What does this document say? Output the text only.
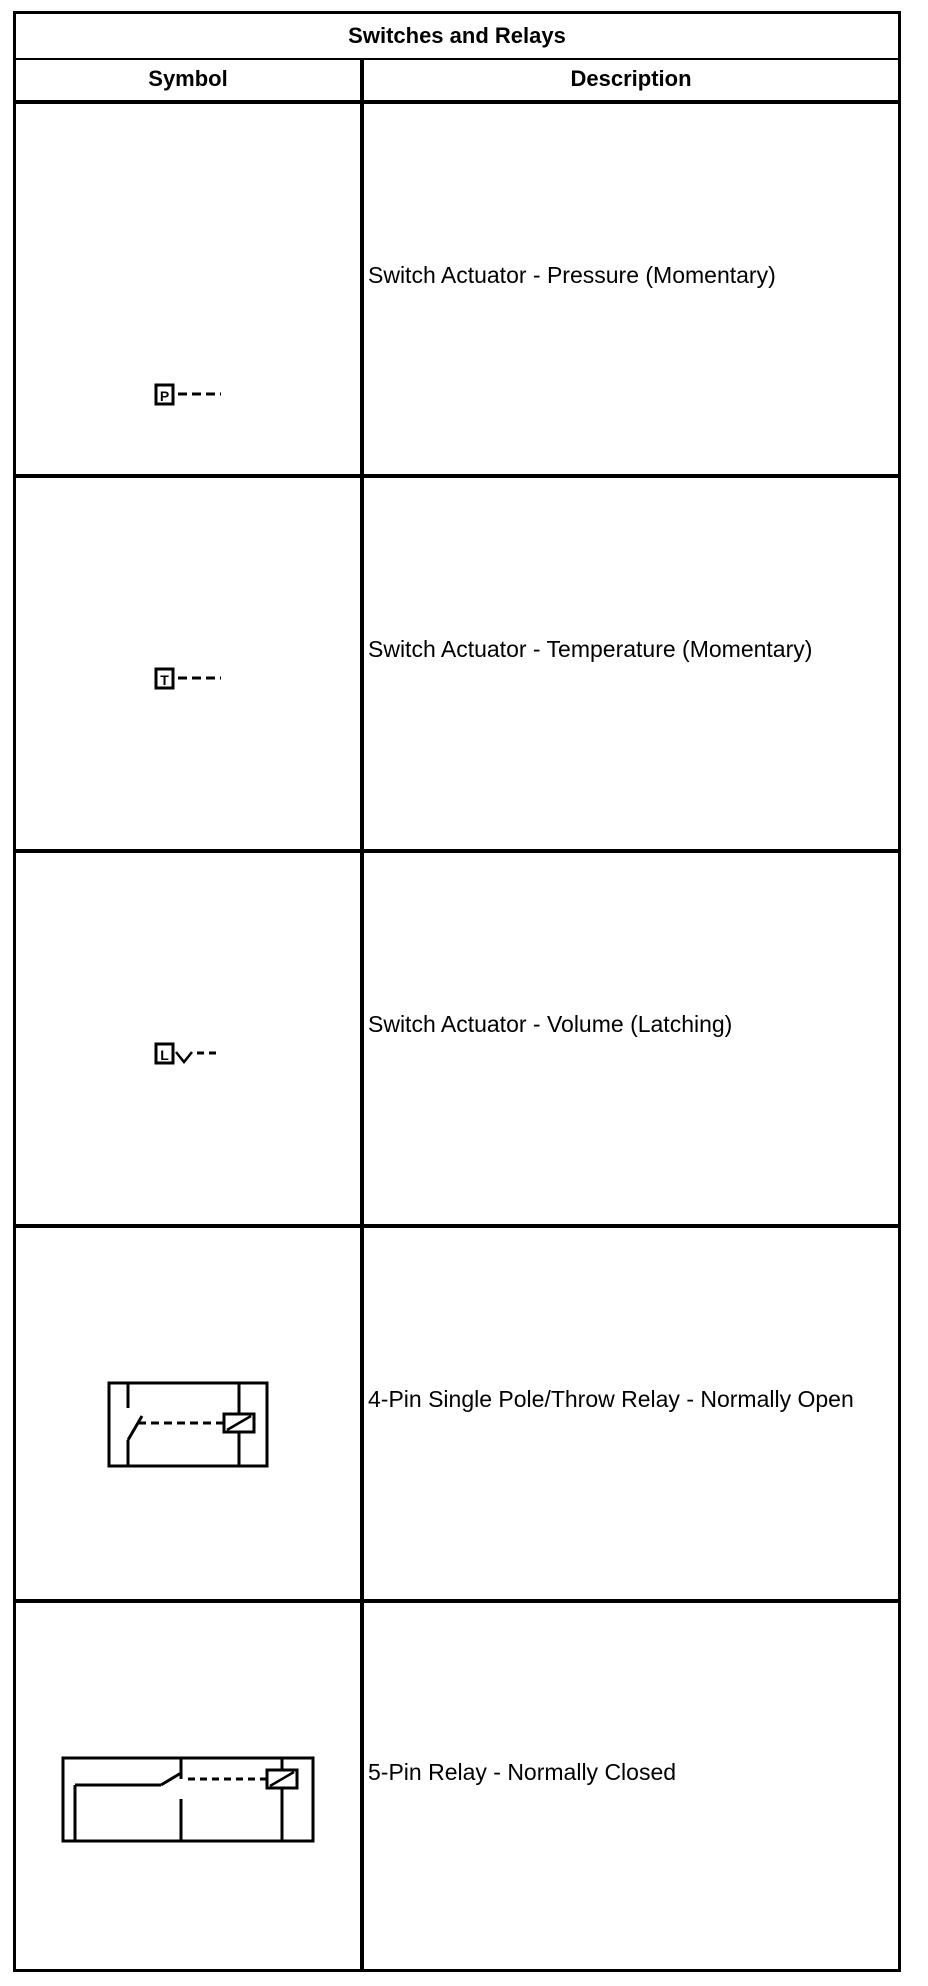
Switches and Relays
Symbol	Description
P
Switch Actuator - Pressure (Momentary)
T
Switch Actuator - Temperature (Momentary)
L
Switch Actuator - Volume (Latching)
4-Pin Single Pole/Throw Relay - Normally Open
5-Pin Relay - Normally Closed
